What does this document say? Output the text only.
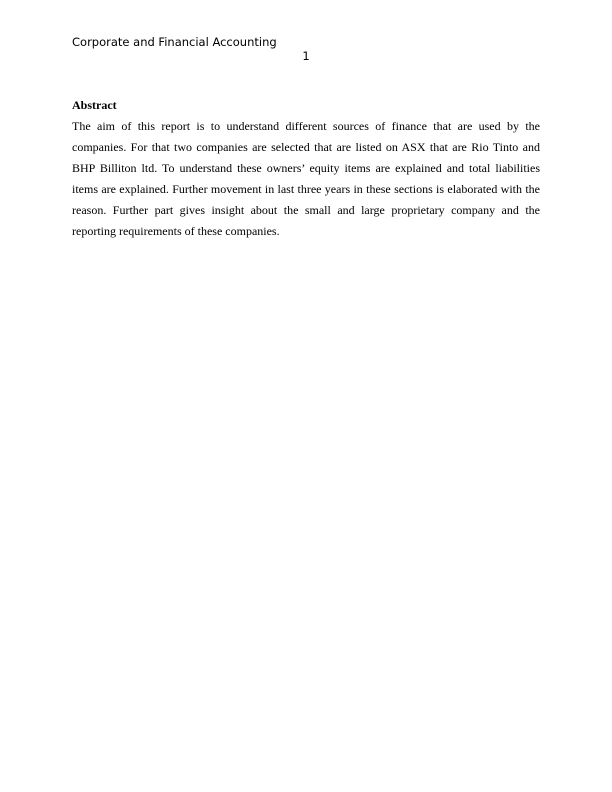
Corporate and Financial Accounting
1
Abstract

The aim of this report is to understand different sources of finance that are used by the companies. For that two companies are selected that are listed on ASX that are Rio Tinto and BHP Billiton ltd. To understand these owners’ equity items are explained and total liabilities items are explained. Further movement in last three years in these sections is elaborated with the reason. Further part gives insight about the small and large proprietary company and the reporting requirements of these companies.
